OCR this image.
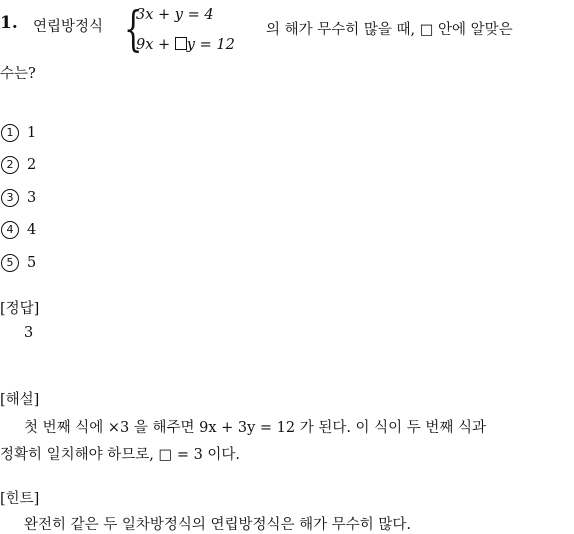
1. 연립방정식 {
3x + y = 4
9x + y = 12
의 해가 무수히 많을 때, □ 안에 알맞은
수는?
1 1
2 2
3 3
4 4
5 5
[정답]
3
[해설]
첫 번째 식에 ×3 을 해주면 9x + 3y = 12 가 된다. 이 식이 두 번째 식과
정확히 일치해야 하므로, □ = 3 이다.
[힌트]
완전히 같은 두 일차방정식의 연립방정식은 해가 무수히 많다.
